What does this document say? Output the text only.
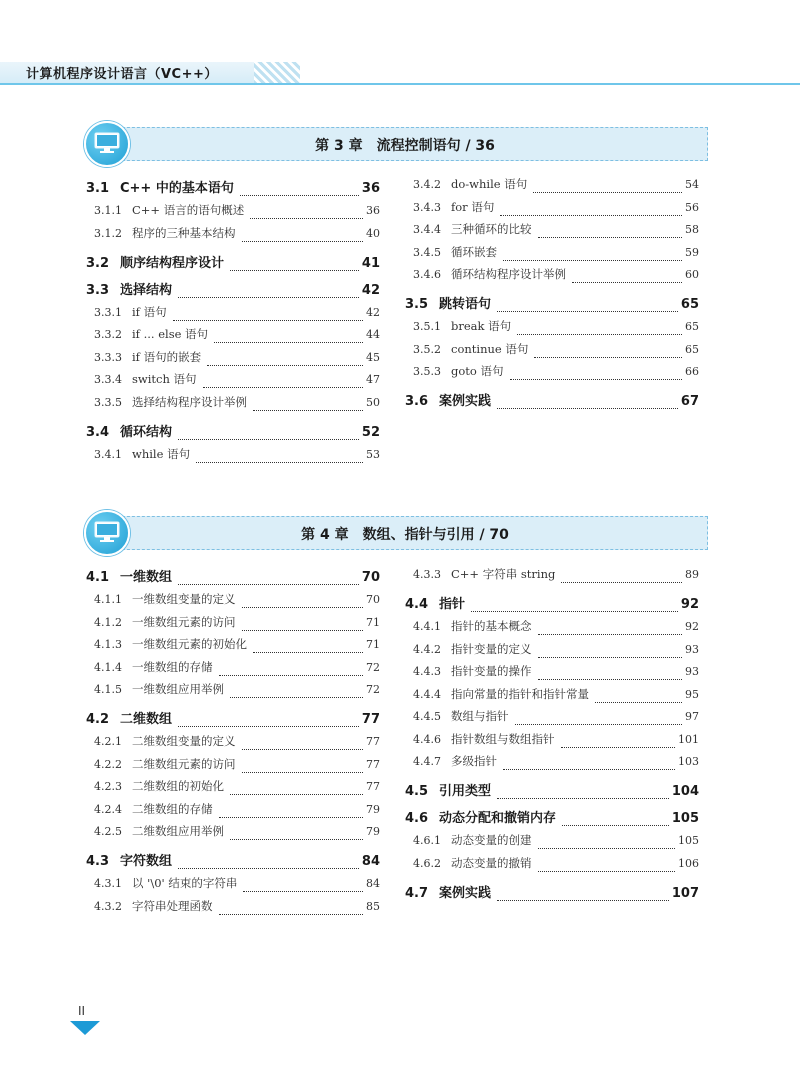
计算机程序设计语言（VC++）
第 3 章　流程控制语句 / 36
第 4 章　数组、指针与引用 / 70
3.1 C++ 中的基本语句	36
3.1.1 C++ 语言的语句概述	36
3.1.2 程序的三种基本结构	40
3.2 顺序结构程序设计	41
3.3 选择结构	42
3.3.1 if 语句	42
3.3.2 if ... else 语句	44
3.3.3 if 语句的嵌套	45
3.3.4 switch 语句	47
3.3.5 选择结构程序设计举例	50
3.4 循环结构	52
3.4.1 while 语句	53
3.4.2 do-while 语句	54
3.4.3 for 语句	56
3.4.4 三种循环的比较	58
3.4.5 循环嵌套	59
3.4.6 循环结构程序设计举例	60
3.5 跳转语句	65
3.5.1 break 语句	65
3.5.2 continue 语句	65
3.5.3 goto 语句	66
3.6 案例实践	67
4.1 一维数组	70
4.1.1 一维数组变量的定义	70
4.1.2 一维数组元素的访问	71
4.1.3 一维数组元素的初始化	71
4.1.4 一维数组的存储	72
4.1.5 一维数组应用举例	72
4.2 二维数组	77
4.2.1 二维数组变量的定义	77
4.2.2 二维数组元素的访问	77
4.2.3 二维数组的初始化	77
4.2.4 二维数组的存储	79
4.2.5 二维数组应用举例	79
4.3 字符数组	84
4.3.1 以 '\0' 结束的字符串	84
4.3.2 字符串处理函数	85
4.3.3 C++ 字符串 string	89
4.4 指针	92
4.4.1 指针的基本概念	92
4.4.2 指针变量的定义	93
4.4.3 指针变量的操作	93
4.4.4 指向常量的指针和指针常量	95
4.4.5 数组与指针	97
4.4.6 指针数组与数组指针	101
4.4.7 多级指针	103
4.5 引用类型	104
4.6 动态分配和撤销内存	105
4.6.1 动态变量的创建	105
4.6.2 动态变量的撤销	106
4.7 案例实践	107
II
